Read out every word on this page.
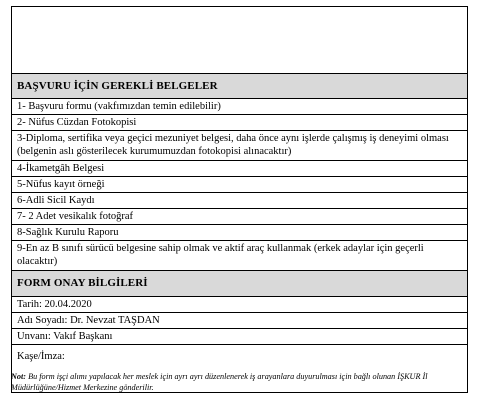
BAŞVURU İÇİN GEREKLİ BELGELER
1- Başvuru formu (vakfımızdan temin edilebilir)
2- Nüfus Cüzdan Fotokopisi
3-Diploma, sertifika veya geçici mezuniyet belgesi, daha önce aynı işlerde çalışmış iş deneyimi olması (belgenin aslı gösterilecek kurumumuzdan fotokopisi alınacaktır)
4-İkametgâh Belgesi
5-Nüfus kayıt örneği
6-Adli Sicil Kaydı
7- 2 Adet vesikalık fotoğraf
8-Sağlık Kurulu Raporu
9-En az B sınıfı sürücü belgesine sahip olmak ve aktif araç kullanmak (erkek adaylar için geçerli olacaktır)
FORM ONAY BİLGİLERİ
Tarih: 20.04.2020
Adı Soyadı: Dr. Nevzat TAŞDAN
Unvanı: Vakıf Başkanı
Kaşe/İmza:
Not: Bu form işçi alımı yapılacak her meslek için ayrı ayrı düzenlenerek iş arayanlara duyurulması için bağlı olunan İŞKUR İl Müdürlüğüne/Hizmet Merkezine gönderilir.
